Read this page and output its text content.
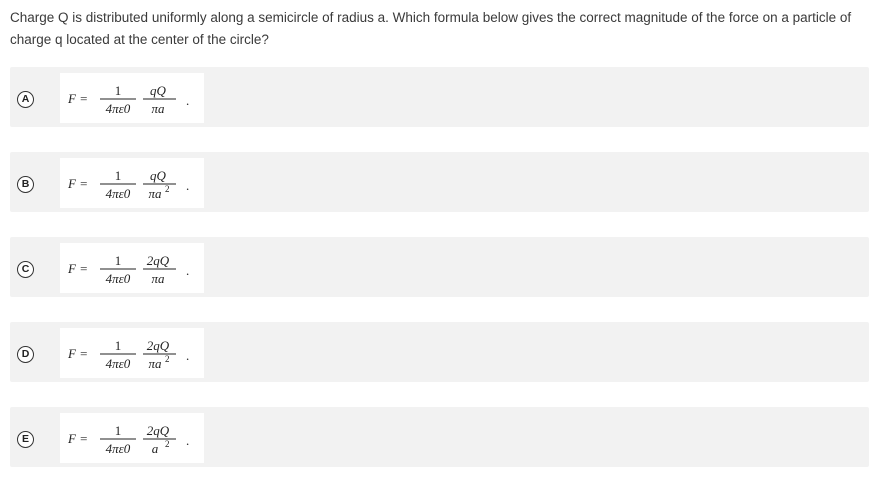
Charge Q is distributed uniformly along a semicircle of radius a. Which formula below gives the correct magnitude of the force on a particle of charge q located at the center of the circle?

A	F =
1
4πε0
qQ
πa
.
B	F =
1
4πε0
qQ
πa 2 .
C	F =
1
4πε0
2qQ
πa
.
D	F =
1
4πε0
2qQ
πa 2 .
E	F =
1
4πε0
2qQ
a 2 .
